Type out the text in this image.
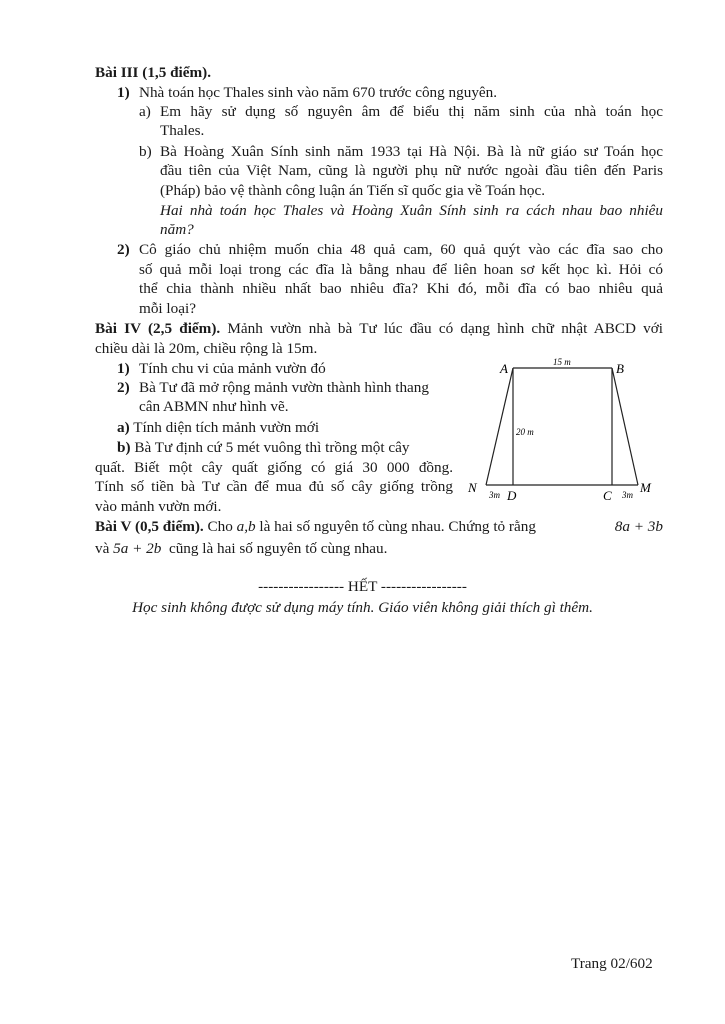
Bài III (1,5 điểm).
1) Nhà toán học Thales sinh vào năm 670 trước công nguyên.
a) Em hãy sử dụng số nguyên âm để biểu thị năm sinh của nhà toán học
Thales.
b) Bà Hoàng Xuân Sính sinh năm 1933 tại Hà Nội. Bà là nữ giáo sư Toán học
đầu tiên của Việt Nam, cũng là người phụ nữ nước ngoài đầu tiên đến Paris
(Pháp) bảo vệ thành công luận án Tiến sĩ quốc gia về Toán học.
Hai nhà toán học Thales và Hoàng Xuân Sính sinh ra cách nhau bao nhiêu
năm?
2) Cô giáo chủ nhiệm muốn chia 48 quả cam, 60 quả quýt vào các đĩa sao cho
số quả mỗi loại trong các đĩa là bằng nhau để liên hoan sơ kết học kì. Hỏi có
thể chia thành nhiều nhất bao nhiêu đĩa? Khi đó, mỗi đĩa có bao nhiêu quả
mỗi loại?
Bài IV (2,5 điểm). Mảnh vườn nhà bà Tư lúc đầu có dạng hình chữ nhật ABCD với
chiều dài là 20m, chiều rộng là 15m.
1) Tính chu vi của mảnh vườn đó
2) Bà Tư đã mở rộng mảnh vườn thành hình thang
cân ABMN như hình vẽ.
a) Tính diện tích mảnh vườn mới
b) Bà Tư định cứ 5 mét vuông thì trồng một cây
quất. Biết một cây quất giống có giá 30 000 đồng.
Tính số tiền bà Tư cần để mua đủ số cây giống trồng
vào mảnh vườn mới.
A	B
C
D
M
N
15 m
20 m
3m	3m
Bài V (0,5 điểm). Cho a,b là hai số nguyên tố cùng nhau. Chứng tỏ rằng	8a + 3b
và 5a + 2b cũng là hai số nguyên tố cùng nhau.
----------------- HẾT -----------------
Học sinh không được sử dụng máy tính. Giáo viên không giải thích gì thêm.
Trang 02/602
